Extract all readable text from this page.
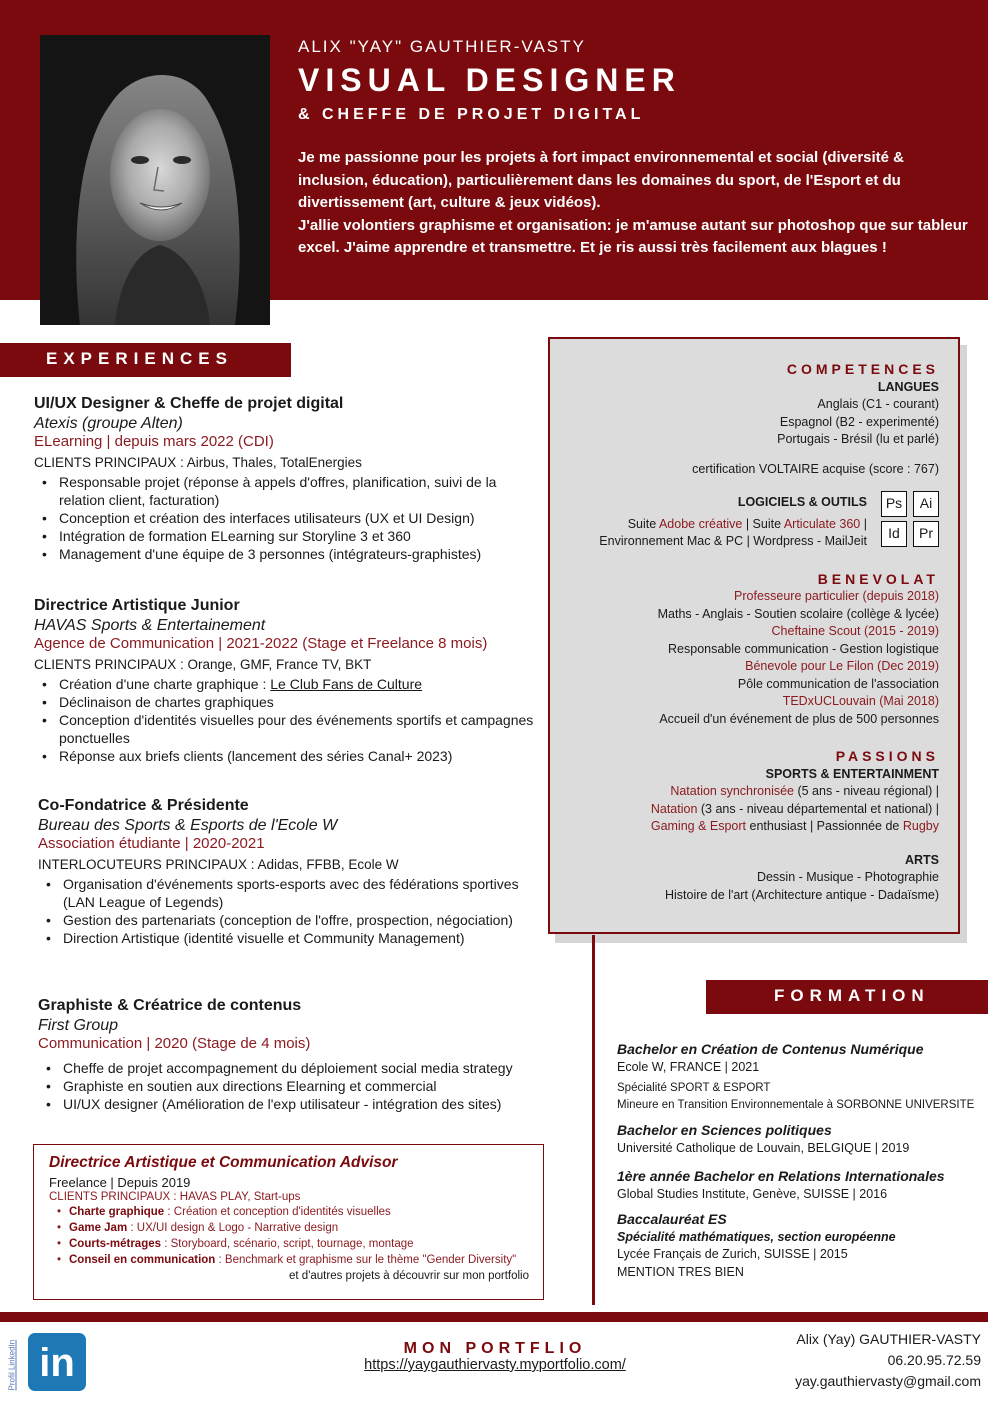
ALIX "YAY" GAUTHIER-VASTY
VISUAL DESIGNER
& CHEFFE DE PROJET DIGITAL

Je me passionne pour les projets à fort impact environnemental et social (diversité & inclusion, éducation), particulièrement dans les domaines du sport, de l'Esport et du divertissement (art, culture & jeux vidéos).

J'allie volontiers graphisme et organisation: je m'amuse autant sur photoshop que sur tableur excel. J'aime apprendre et transmettre. Et je ris aussi très facilement aux blagues !

EXPERIENCES
UI/UX Designer & Cheffe de projet digital
Atexis (groupe Alten)
ELearning | depuis mars 2022 (CDI)
CLIENTS PRINCIPAUX : Airbus, Thales, TotalEnergies
• Responsable projet (réponse à appels d'offres, planification, suivi de la relation client, facturation)
• Conception et création des interfaces utilisateurs (UX et UI Design)
• Intégration de formation ELearning sur Storyline 3 et 360
• Management d'une équipe de 3 personnes (intégrateurs-graphistes)
Directrice Artistique Junior
HAVAS Sports & Entertainement
Agence de Communication | 2021-2022 (Stage et Freelance 8 mois)
CLIENTS PRINCIPAUX : Orange, GMF, France TV, BKT
• Création d'une charte graphique : Le Club Fans de Culture
• Déclinaison de chartes graphiques
• Conception d'identités visuelles pour des événements sportifs et campagnes ponctuelles
• Réponse aux briefs clients (lancement des séries Canal+ 2023)
Co-Fondatrice & Présidente
Bureau des Sports & Esports de l'Ecole W
Association étudiante | 2020-2021
INTERLOCUTEURS PRINCIPAUX : Adidas, FFBB, Ecole W
• Organisation d'événements sports-esports avec des fédérations sportives (LAN League of Legends)
• Gestion des partenariats (conception de l'offre, prospection, négociation)
• Direction Artistique (identité visuelle et Community Management)
Graphiste & Créatrice de contenus
First Group
Communication | 2020 (Stage de 4 mois)
• Cheffe de projet accompagnement du déploiement social media strategy
• Graphiste en soutien aux directions Elearning et commercial
• UI/UX designer (Amélioration de l'exp utilisateur - intégration des sites)
Directrice Artistique et Communication Advisor
Freelance | Depuis 2019
CLIENTS PRINCIPAUX : HAVAS PLAY, Start-ups
• Charte graphique : Création et conception d'identités visuelles
• Game Jam : UX/UI design & Logo - Narrative design
• Courts-métrages : Storyboard, scénario, script, tournage, montage
• Conseil en communication : Benchmark et graphisme sur le thème "Gender Diversity"
et d'autres projets à découvrir sur mon portfolio
COMPETENCES
LANGUES
Anglais (C1 - courant)
Espagnol (B2 - experimenté)
Portugais - Brésil (lu et parlé)
certification VOLTAIRE acquise (score : 767)
LOGICIELS & OUTILS
Suite Adobe créative | Suite Articulate 360 |
Environnement Mac & PC | Wordpress - MailJeit
Ps	Ai
Id	Pr
BENEVOLAT
Professeure particulier (depuis 2018)
Maths - Anglais - Soutien scolaire (collège & lycée)
Cheftaine Scout (2015 - 2019)
Responsable communication - Gestion logistique
Bénevole pour Le Filon (Dec 2019)
Pôle communication de l'association
TEDxUCLouvain (Mai 2018)
Accueil d'un événement de plus de 500 personnes
PASSIONS
SPORTS & ENTERTAINMENT
Natation synchronisée (5 ans - niveau régional) |
Natation (3 ans - niveau départemental et national) |
Gaming & Esport enthusiast | Passionnée de Rugby
ARTS
Dessin - Musique - Photographie
Histoire de l'art (Architecture antique - Dadaïsme)
FORMATION
Bachelor en Création de Contenus Numérique
Ecole W, FRANCE | 2021
Spécialité SPORT & ESPORT
Mineure en Transition Environnementale à SORBONNE UNIVERSITE
Bachelor en Sciences politiques
Université Catholique de Louvain, BELGIQUE | 2019
1ère année Bachelor en Relations Internationales
Global Studies Institute, Genève, SUISSE | 2016
Baccalauréat ES
Spécialité mathématiques, section européenne
Lycée Français de Zurich, SUISSE | 2015
MENTION TRES BIEN
Profil LinkedIn in	MON PORTFLIO
https://yaygauthiervasty.myportfolio.com/
Alix (Yay) GAUTHIER-VASTY
06.20.95.72.59
yay.gauthiervasty@gmail.com
